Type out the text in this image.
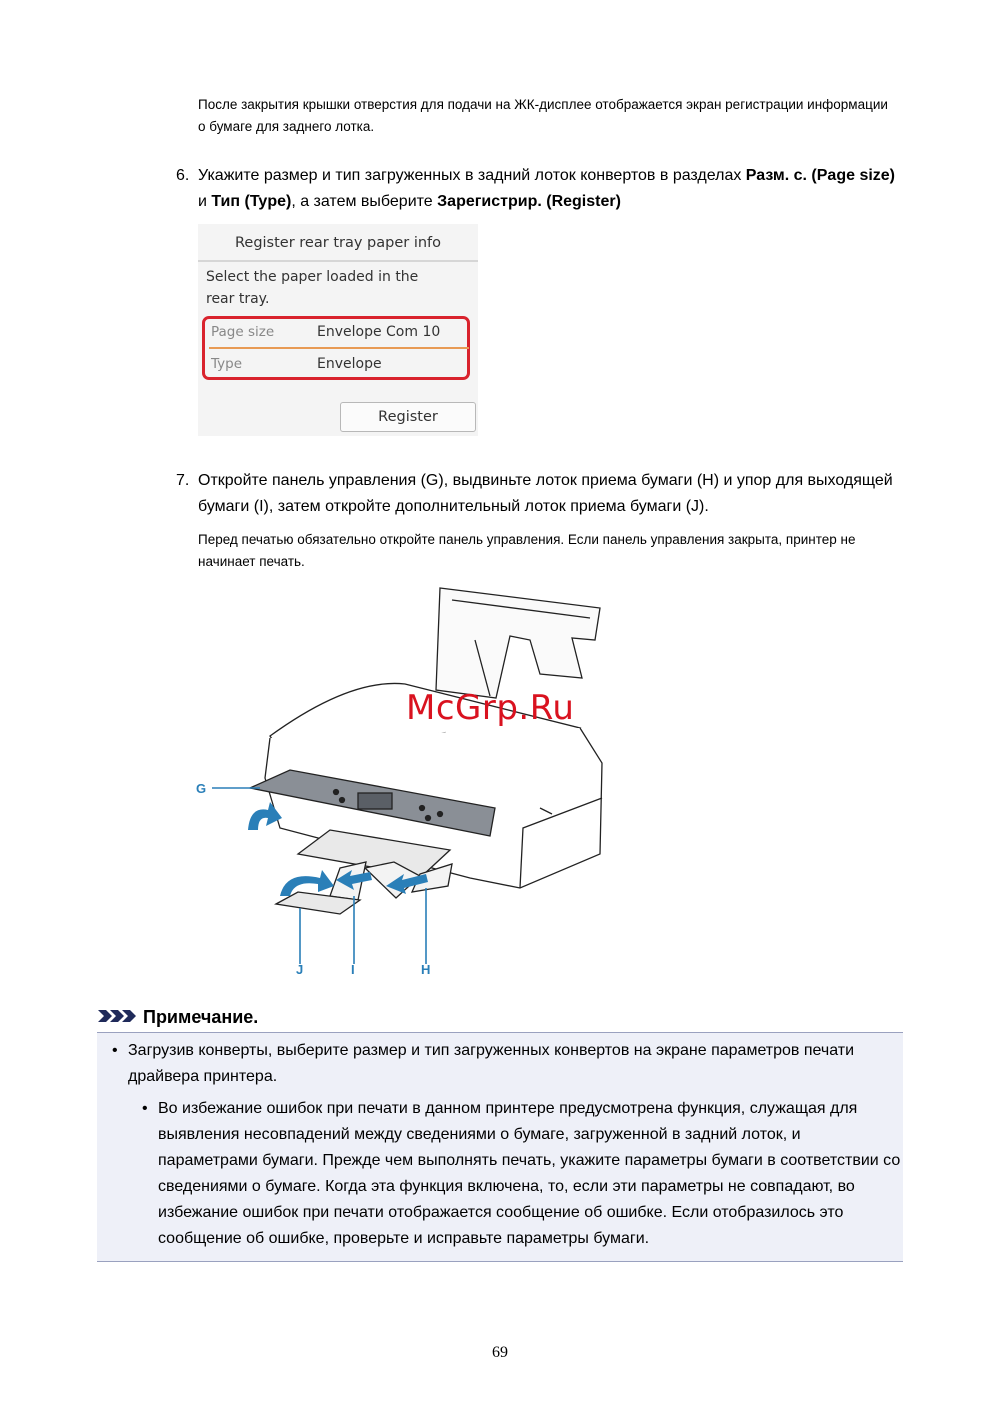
После закрытия крышки отверстия для подачи на ЖК-дисплее отображается экран регистрации информации о бумаге для заднего лотка.
6. Укажите размер и тип загруженных в задний лоток конвертов в разделах Разм. с. (Page size) и Тип (Type), а затем выберите Зарегистрир. (Register)
Register rear tray paper info
Select the paper loaded in the rear tray.
Page size	Envelope Com 10
Type	Envelope
Register
7. Откройте панель управления (G), выдвиньте лоток приема бумаги (H) и упор для выходящей бумаги (I), затем откройте дополнительный лоток приема бумаги (J).
Перед печатью обязательно откройте панель управления. Если панель управления закрыта, принтер не начинает печать.
G
J	I	H
McGrp.Ru
Примечание.
• Загрузив конверты, выберите размер и тип загруженных конвертов на экране параметров печати драйвера принтера.
• Во избежание ошибок при печати в данном принтере предусмотрена функция, служащая для выявления несовпадений между сведениями о бумаге, загруженной в задний лоток, и параметрами бумаги. Прежде чем выполнять печать, укажите параметры бумаги в соответствии со сведениями о бумаге. Когда эта функция включена, то, если эти параметры не совпадают, во избежание ошибок при печати отображается сообщение об ошибке. Если отобразилось это сообщение об ошибке, проверьте и исправьте параметры бумаги.
69
